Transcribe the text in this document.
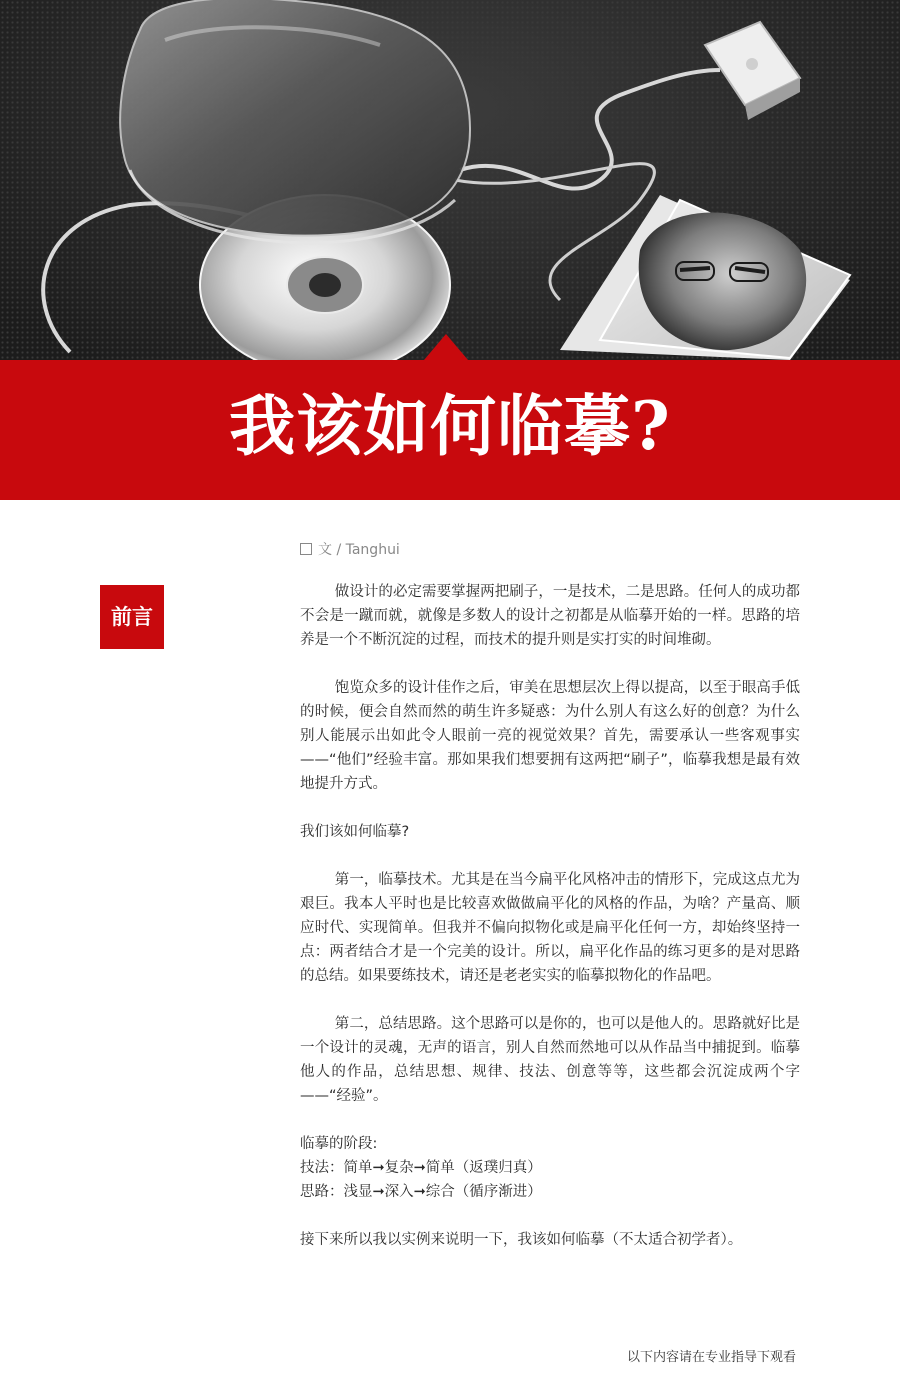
我该如何临摹?
文 / Tanghui
前言

做设计的必定需要掌握两把刷子，一是技术，二是思路。任何人的成功都不会是一蹴而就，就像是多数人的设计之初都是从临摹开始的一样。思路的培养是一个不断沉淀的过程，而技术的提升则是实打实的时间堆砌。

饱览众多的设计佳作之后，审美在思想层次上得以提高，以至于眼高手低的时候，便会自然而然的萌生许多疑惑：为什么别人有这么好的创意？为什么别人能展示出如此令人眼前一亮的视觉效果？首先，需要承认一些客观事实——“他们”经验丰富。那如果我们想要拥有这两把“刷子”，临摹我想是最有效地提升方式。

我们该如何临摹?

第一，临摹技术。尤其是在当今扁平化风格冲击的情形下，完成这点尤为艰巨。我本人平时也是比较喜欢做做扁平化的风格的作品，为啥？产量高、顺应时代、实现简单。但我并不偏向拟物化或是扁平化任何一方，却始终坚持一点：两者结合才是一个完美的设计。所以，扁平化作品的练习更多的是对思路的总结。如果要练技术，请还是老老实实的临摹拟物化的作品吧。

第二，总结思路。这个思路可以是你的，也可以是他人的。思路就好比是一个设计的灵魂，无声的语言，别人自然而然地可以从作品当中捕捉到。临摹他人的作品，总结思想、规律、技法、创意等等，这些都会沉淀成两个字——“经验”。

临摹的阶段:

技法：简单➞复杂➞简单（返璞归真）

思路：浅显➞深入➞综合（循序渐进）

接下来所以我以实例来说明一下，我该如何临摹（不太适合初学者）。

以下内容请在专业指导下观看
